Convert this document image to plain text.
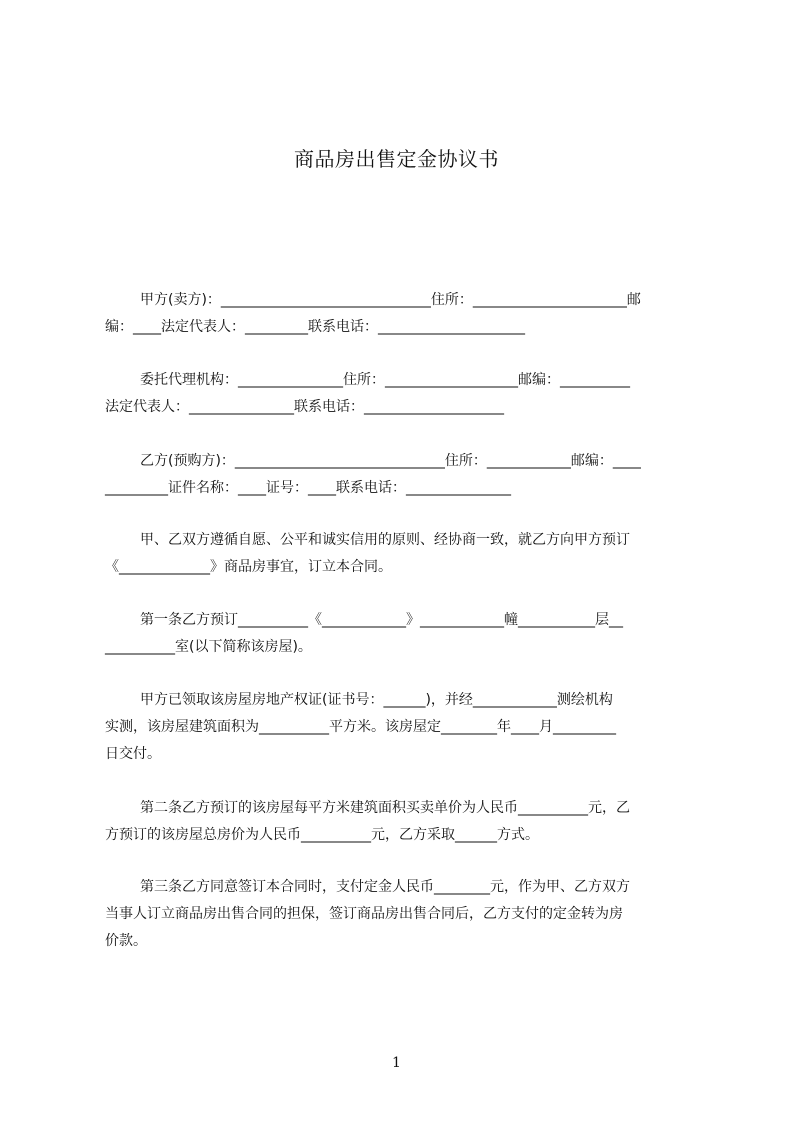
商品房出售定金协议书

甲方(卖方)：______________________________住所：______________________邮

编：____法定代表人：_________联系电话：_____________________

委托代理机构：_______________住所：___________________邮编：__________

法定代表人：_______________联系电话：____________________

乙方(预购方)：______________________________住所：____________邮编：____

_________证件名称：____证号：____联系电话：_______________

甲、乙双方遵循自愿、公平和诚实信用的原则、经协商一致，就乙方向甲方预订

《_____________》商品房事宜，订立本合同。

第一条乙方预订__________《____________》____________幢___________层__

__________室(以下简称该房屋)。

甲方已领取该房屋房地产权证(证书号：______)，并经____________测绘机构

实测，该房屋建筑面积为__________平方米。该房屋定________年____月_________

日交付。

第二条乙方预订的该房屋每平方米建筑面积买卖单价为人民币__________元，乙

方预订的该房屋总房价为人民币__________元，乙方采取______方式。

第三条乙方同意签订本合同时，支付定金人民币________元，作为甲、乙方双方

当事人订立商品房出售合同的担保，签订商品房出售合同后，乙方支付的定金转为房

价款。

1
